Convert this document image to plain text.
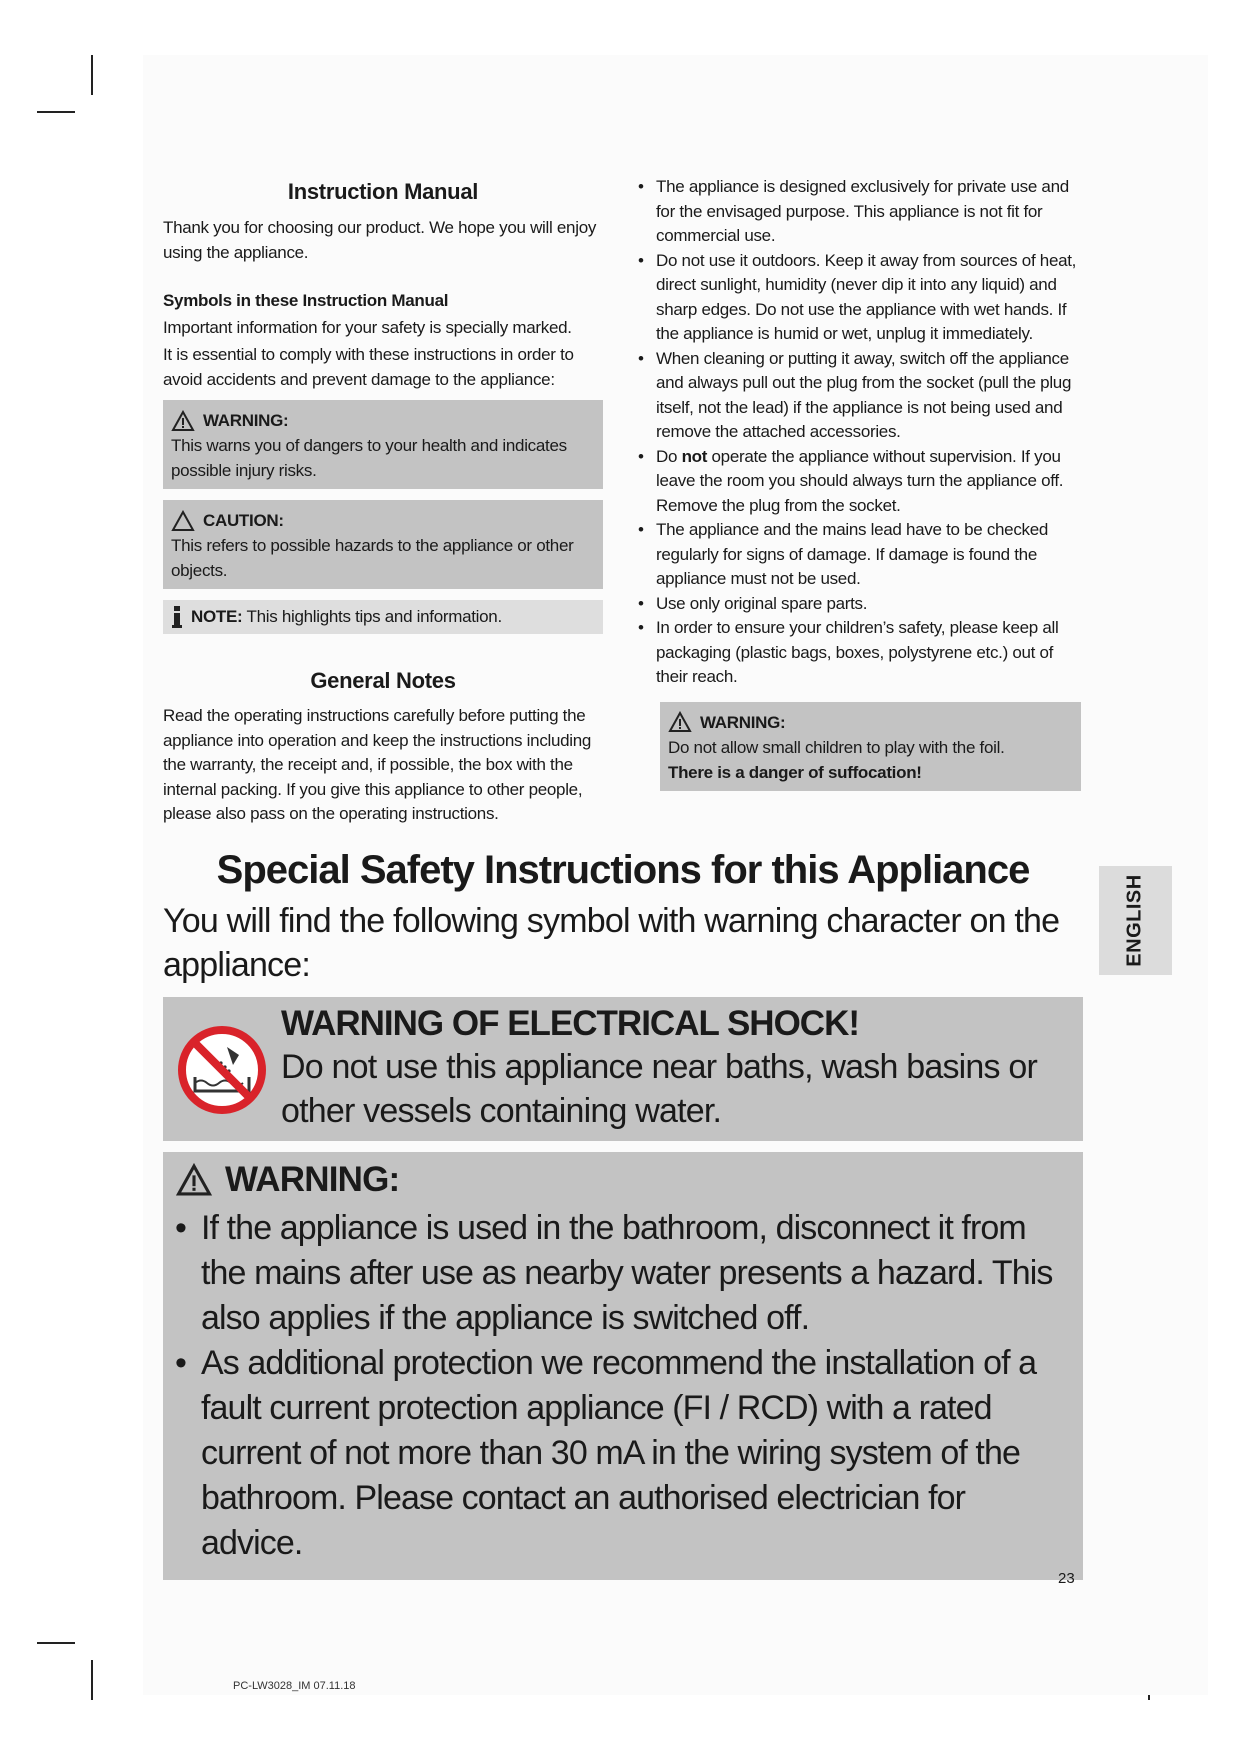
Instruction Manual

Thank you for choosing our product. We hope you will enjoy using the appliance.

Symbols in these Instruction Manual

Important information for your safety is specially marked.

It is essential to comply with these instructions in order to avoid accidents and prevent damage to the appliance:

WARNING:
This warns you of dangers to your health and indicates possible injury risks.
CAUTION:
This refers to possible hazards to the appliance or other objects.
NOTE: This highlights tips and information.
General Notes

Read the operating instructions carefully before putting the appliance into operation and keep the instructions including the warranty, the receipt and, if possible, the box with the internal packing. If you give this appliance to other people, please also pass on the operating instructions.

• The appliance is designed exclusively for private use and for the envisaged purpose. This appliance is not fit for commercial use.
• Do not use it outdoors. Keep it away from sources of heat, direct sunlight, humidity (never dip it into any liquid) and sharp edges. Do not use the appliance with wet hands. If the appliance is humid or wet, unplug it immediately.
• When cleaning or putting it away, switch off the appliance and always pull out the plug from the socket (pull the plug itself, not the lead) if the appliance is not being used and remove the attached accessories.
• Do not operate the appliance without supervision. If you leave the room you should always turn the appliance off. Remove the plug from the socket.
• The appliance and the mains lead have to be checked regularly for signs of damage. If damage is found the appliance must not be used.
• Use only original spare parts.
• In order to ensure your children’s safety, please keep all packaging (plastic bags, boxes, polystyrene etc.) out of their reach.
WARNING:
Do not allow small children to play with the foil.
There is a danger of suffocation!
Special Safety Instructions for this Appliance
You will find the following symbol with warning character on the appliance:
WARNING OF ELECTRICAL SHOCK!
Do not use this appliance near baths, wash basins or other vessels containing water.
WARNING:
• If the appliance is used in the bathroom, disconnect it from the mains after use as nearby water presents a hazard. This also applies if the appliance is switched off.
• As additional protection we recommend the installation of a fault current protection appliance (FI / RCD) with a rated current of not more than 30 mA in the wiring system of the bathroom. Please contact an authorised electrician for advice.
ENGLISH
23
PC-LW3028_IM 07.11.18
